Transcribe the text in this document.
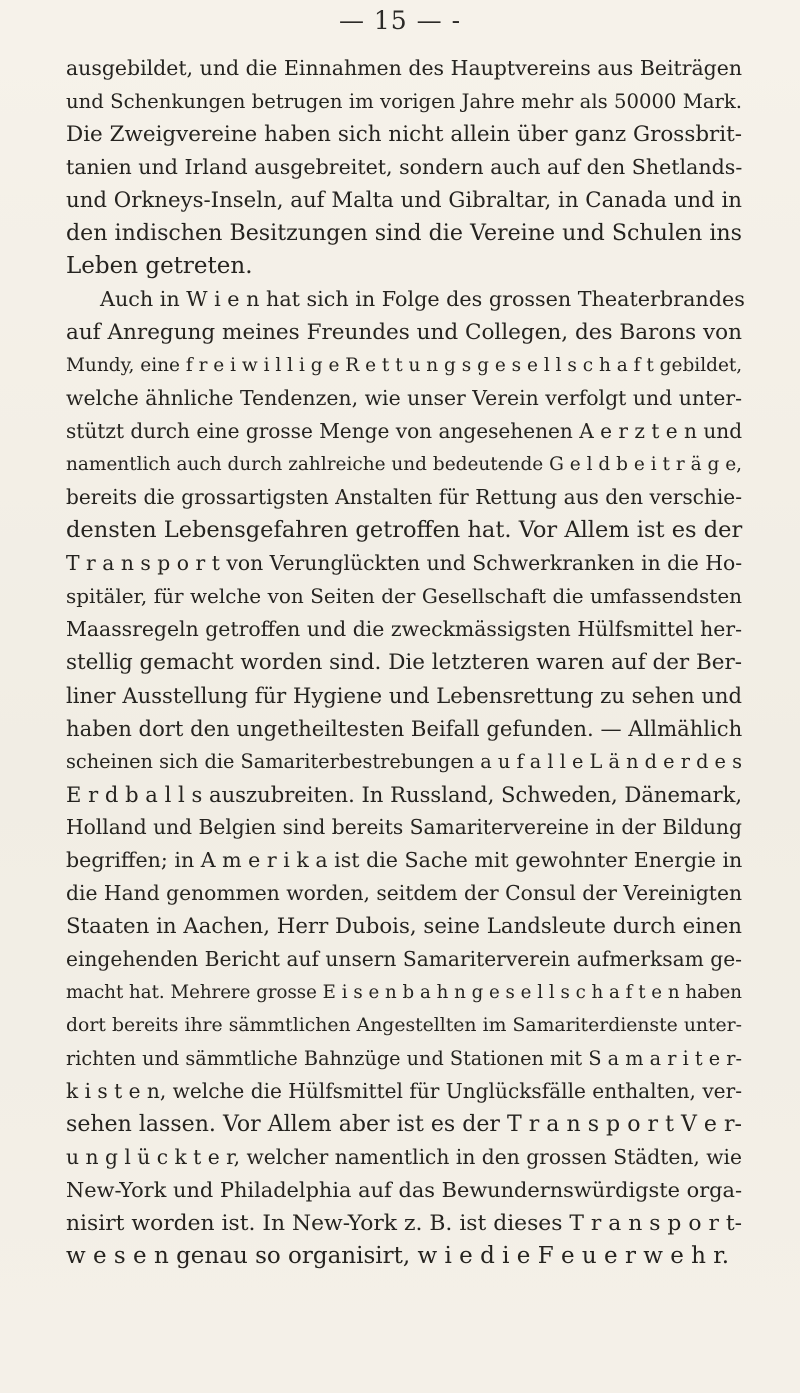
— 15 — ‑
ausgebildet, und die Einnahmen des Hauptvereins aus Beiträgen
und Schenkungen betrugen im vorigen Jahre mehr als 50000 Mark.
Die Zweigvereine haben sich nicht allein über ganz Grossbrit-
tanien und Irland ausgebreitet, sondern auch auf den Shetlands-
und Orkneys-Inseln, auf Malta und Gibraltar, in Canada und in
den indischen Besitzungen sind die Vereine und Schulen ins
Leben getreten.
Auch in W i e n hat sich in Folge des grossen Theaterbrandes
auf Anregung meines Freundes und Collegen, des Barons von
Mundy, eine f r e i w i l l i g e R e t t u n g s g e s e l l s c h a f t gebildet,
welche ähnliche Tendenzen, wie unser Verein verfolgt und unter-
stützt durch eine grosse Menge von angesehenen A e r z t e n und
namentlich auch durch zahlreiche und bedeutende G e l d b e i t r ä g e,
bereits die grossartigsten Anstalten für Rettung aus den verschie-
densten Lebensgefahren getroffen hat. Vor Allem ist es der
T r a n s p o r t von Verunglückten und Schwerkranken in die Ho-
spitäler, für welche von Seiten der Gesellschaft die umfassendsten
Maassregeln getroffen und die zweckmässigsten Hülfsmittel her-
stellig gemacht worden sind. Die letzteren waren auf der Ber-
liner Ausstellung für Hygiene und Lebensrettung zu sehen und
haben dort den ungetheiltesten Beifall gefunden. — Allmählich
scheinen sich die Samariterbestrebungen a u f a l l e L ä n d e r d e s
E r d b a l l s auszubreiten. In Russland, Schweden, Dänemark,
Holland und Belgien sind bereits Samaritervereine in der Bildung
begriffen; in A m e r i k a ist die Sache mit gewohnter Energie in
die Hand genommen worden, seitdem der Consul der Vereinigten
Staaten in Aachen, Herr Dubois, seine Landsleute durch einen
eingehenden Bericht auf unsern Samariterverein aufmerksam ge-
macht hat. Mehrere grosse E i s e n b a h n g e s e l l s c h a f t e n haben
dort bereits ihre sämmtlichen Angestellten im Samariterdienste unter-
richten und sämmtliche Bahnzüge und Stationen mit S a m a r i t e r-
k i s t e n, welche die Hülfsmittel für Unglücksfälle enthalten, ver-
sehen lassen. Vor Allem aber ist es der T r a n s p o r t V e r-
u n g l ü c k t e r, welcher namentlich in den grossen Städten, wie
New-York und Philadelphia auf das Bewundernswürdigste orga-
nisirt worden ist. In New-York z. B. ist dieses T r a n s p o r t-
w e s e n genau so organisirt, w i e d i e F e u e r w e h r.
